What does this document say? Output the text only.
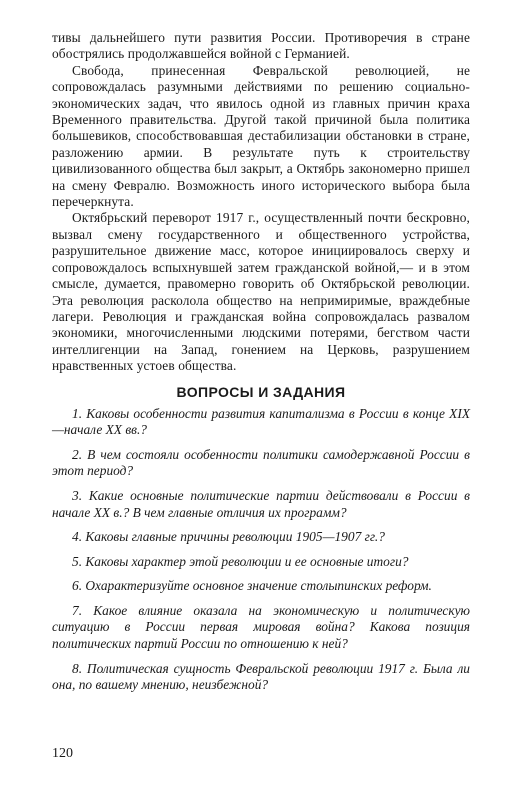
тивы дальнейшего пути развития России. Противоречия в стране обострялись продолжавшейся войной с Германией.

Свобода, принесенная Февральской революцией, не сопровождалась разумными действиями по решению социально-экономических задач, что явилось одной из главных причин краха Временного правительства. Другой такой причиной была политика большевиков, способствовавшая дестабилизации обстановки в стране, разложению армии. В результате путь к строительству цивилизованного общества был закрыт, а Октябрь закономерно пришел на смену Февралю. Возможность иного исторического выбора была перечеркнута.

Октябрьский переворот 1917 г., осуществленный почти бескровно, вызвал смену государственного и общественного устройства, разрушительное движение масс, которое инициировалось сверху и сопровождалось вспыхнувшей затем гражданской войной,— и в этом смысле, думается, правомерно говорить об Октябрьской революции. Эта революция расколола общество на непримиримые, враждебные лагери. Революция и гражданская война сопровождалась развалом экономики, многочисленными людскими потерями, бегством части интеллигенции на Запад, гонением на Церковь, разрушением нравственных устоев общества.

ВОПРОСЫ И ЗАДАНИЯ

1. Каковы особенности развития капитализма в России в конце XIX—начале XX вв.?

2. В чем состояли особенности политики самодержавной России в этот период?

3. Какие основные политические партии действовали в России в начале XX в.? В чем главные отличия их программ?

4. Каковы главные причины революции 1905—1907 гг.?

5. Каковы характер этой революции и ее основные итоги?

6. Охарактеризуйте основное значение столыпинских реформ.

7. Какое влияние оказала на экономическую и политическую ситуацию в России первая мировая война? Какова позиция политических партий России по отношению к ней?

8. Политическая сущность Февральской революции 1917 г. Была ли она, по вашему мнению, неизбежной?

120
